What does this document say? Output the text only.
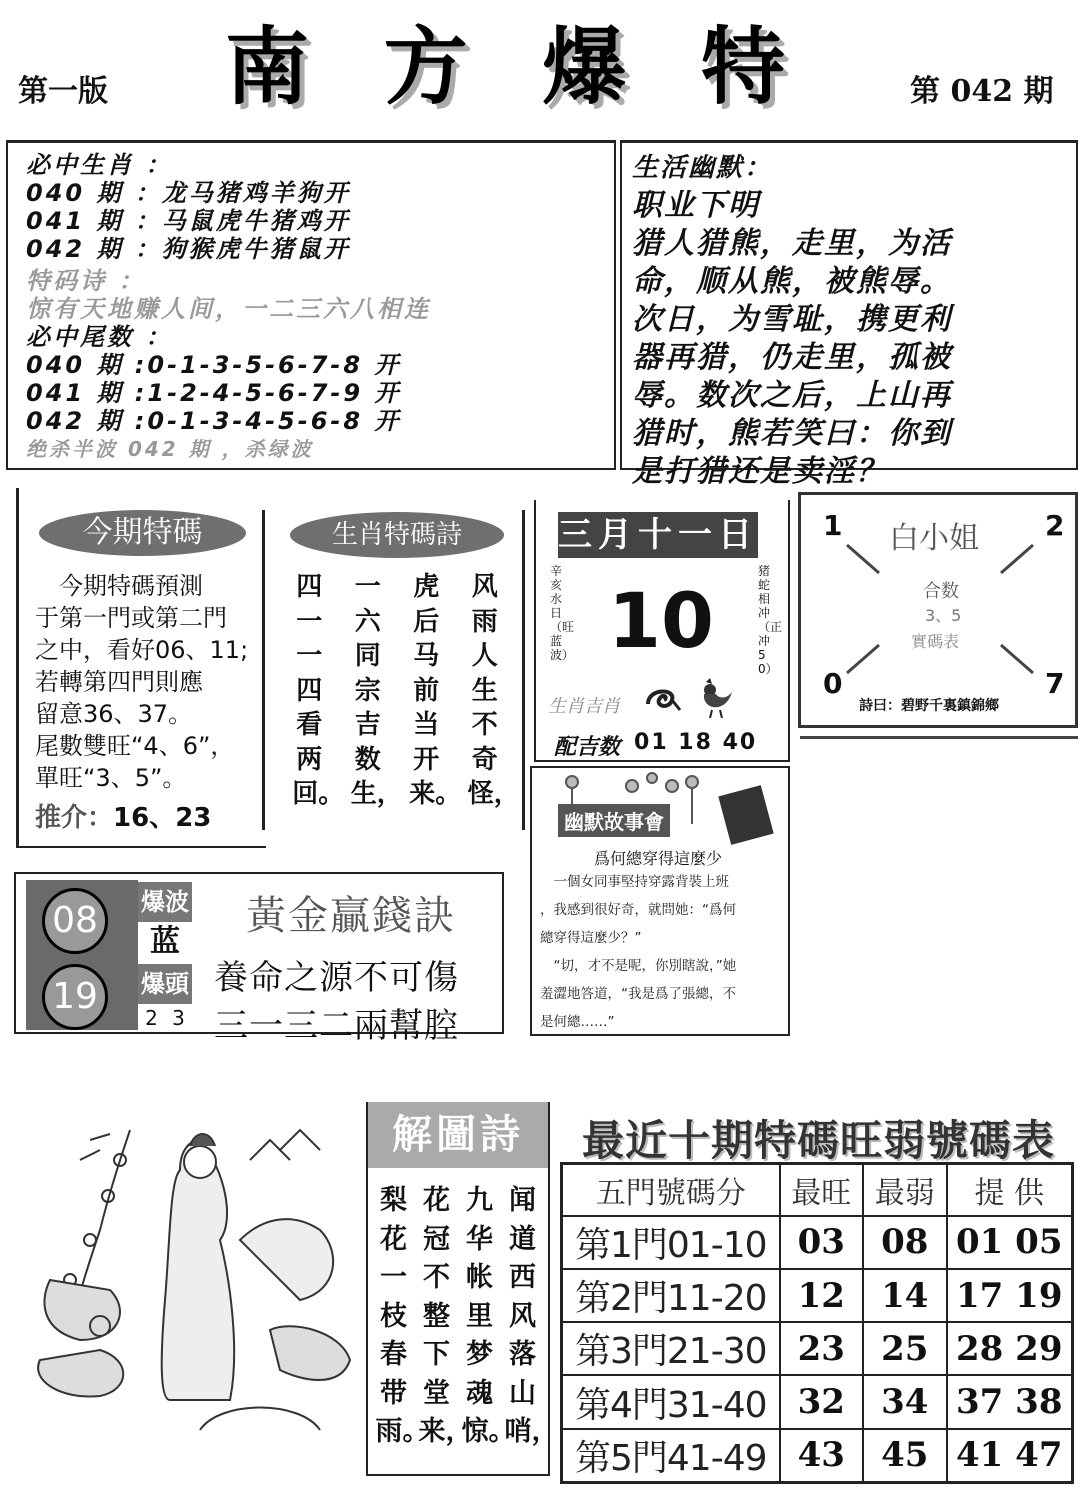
第一版 南 方 爆 特	第 042 期
必中生肖 ：
040 期 ：龙马猪鸡羊狗开
041 期 ：马鼠虎牛猪鸡开
042 期 ：狗猴虎牛猪鼠开
特码诗 ：
惊有天地赚人间，一二三六八相连
必中尾数 ：
040 期 :0-1-3-5-6-7-8 开
041 期 :1-2-4-5-6-7-9 开
042 期 :0-1-3-4-5-6-8 开
绝杀半波 042 期 ，杀绿波
生活幽默：
职业下明
猎人猎熊，走里，为活
命，顺从熊，被熊辱。
次日，为雪耻，携更利
器再猎，仍走里，孤被
辱。数次之后，上山再
猎时，熊若笑曰：你到
是打猎还是卖淫？
今期特碼
　今期特碼預測
于第一門或第二門
之中，看好06、11;
若轉第四門則應
留意36、37。
尾數雙旺“4、6”，
單旺“3、5”。
推介：16、23
生肖特碼詩
四一一四看两回。
一六同宗吉数生，
虎后马前当开来。
风雨人生不奇怪，
三月十一日
辛亥水日（旺蓝波） 10
猪蛇相冲（正冲50）
生肖吉肖
配吉数 01 18 40
白小姐
1	2
0	7
合数
3、5
實碼表
詩曰：碧野千裏鎮錦鄉
08
19
爆波
蓝
爆頭
2 3
黃金贏錢訣
養命之源不可傷
三一三二兩幫腔
幽默故事會
爲何總穿得這麼少

　一個女同事堅持穿露背裝上班

，我感到很好奇，就問她：“爲何

總穿得這麼少？”

　“切，才不是呢，你別瞎說，”她

羞澀地答道，“我是爲了張總，不

是何總……”

解圖詩
梨花一枝春带雨。
花冠不整下堂来，
九华帐里梦魂惊。
闻道西风落山哨，
最近十期特碼旺弱號碼表
五門號碼分	最旺	最弱	提 供
第1門01-10	03	08	01 05
第2門11-20	12	14	17 19
第3門21-30	23	25	28 29
第4門31-40	32	34	37 38
第5門41-49	43	45	41 47
